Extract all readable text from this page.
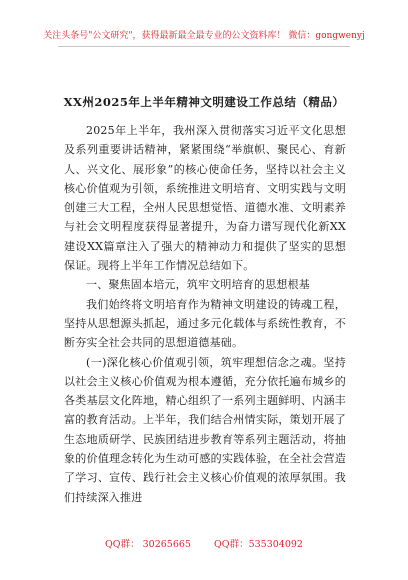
关注头条号"公文研究"，获得最新最全最专业的公文资料库！ 微信：gongwenyj
XX州2025年上半年精神文明建设工作总结（精品）

2025年上半年，我州深入贯彻落实习近平文化思想及系列重要讲话精神，紧紧围绕“举旗帜、聚民心、育新人、兴文化、展形象”的核心使命任务，坚持以社会主义核心价值观为引领，系统推进文明培育、文明实践与文明创建三大工程，全州人民思想觉悟、道德水准、文明素养与社会文明程度获得显著提升，为奋力谱写现代化新XX建设XX篇章注入了强大的精神动力和提供了坚实的思想保证。现将上半年工作情况总结如下。

一、聚焦固本培元，筑牢文明培育的思想根基

我们始终将文明培育作为精神文明建设的铸魂工程，坚持从思想源头抓起，通过多元化载体与系统性教育，不断夯实全社会共同的思想道德基础。

(一)深化核心价值观引领，筑牢理想信念之魂。坚持以社会主义核心价值观为根本遵循，充分依托遍布城乡的各类基层文化阵地，精心组织了一系列主题鲜明、内涵丰富的教育活动。上半年，我们结合州情实际，策划开展了生态地质研学、民族团结进步教育等系列主题活动，将抽象的价值理念转化为生动可感的实践体验，在全社会营造了学习、宣传、践行社会主义核心价值观的浓厚氛围。我们持续深入推进

QQ群： 30265665 QQ群：535304092
